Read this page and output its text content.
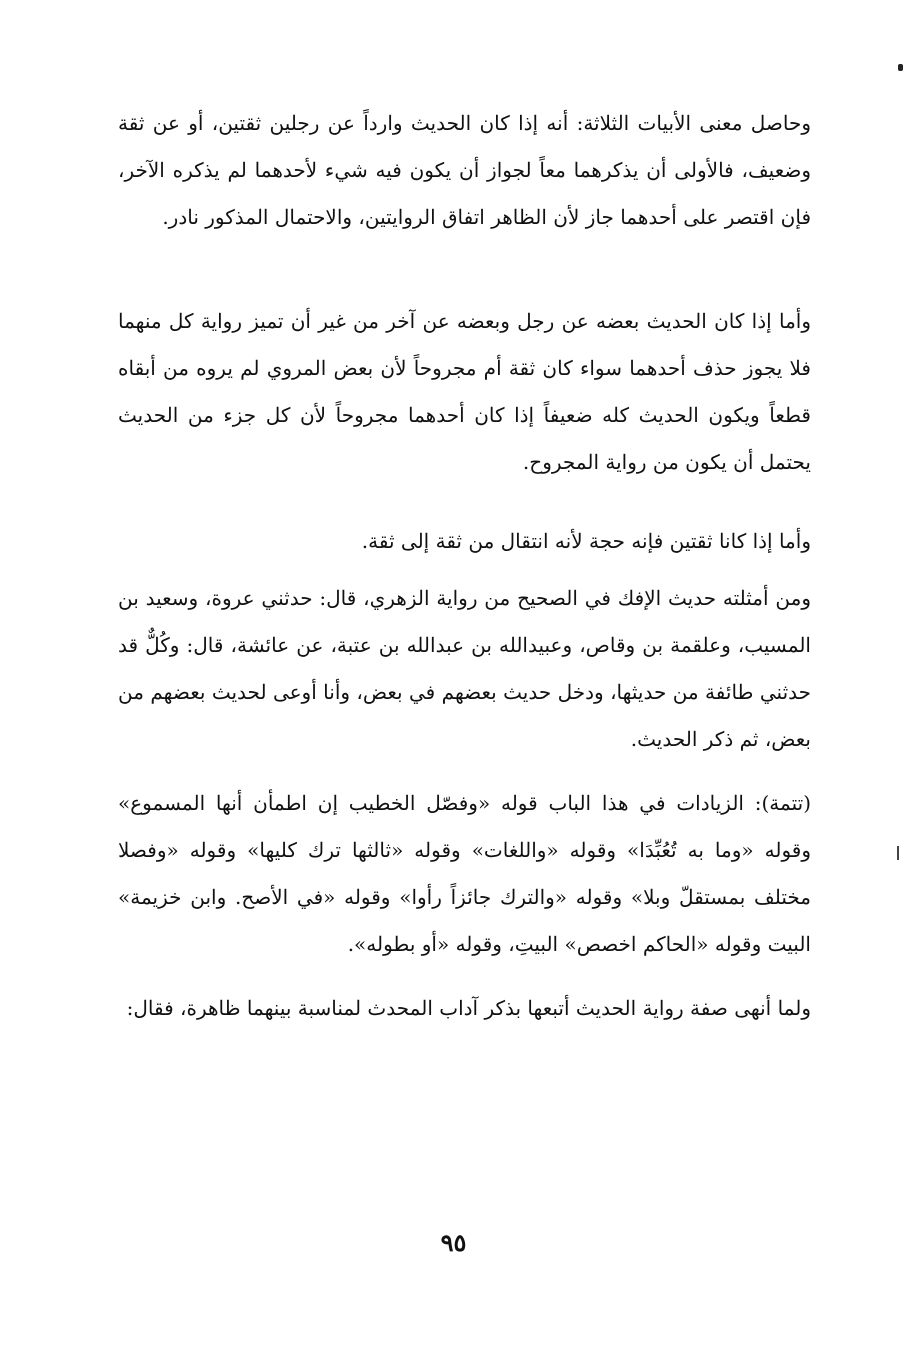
وحاصل معنى الأبيات الثلاثة: أنه إذا كان الحديث وارداً عن رجلين ثقتين، أو عن ثقة وضعيف، فالأولى أن يذكرهما معاً لجواز أن يكون فيه شيء لأحدهما لم يذكره الآخر، فإن اقتصر على أحدهما جاز لأن الظاهر اتفاق الروايتين، والاحتمال المذكور نادر.

وأما إذا كان الحديث بعضه عن رجل وبعضه عن آخر من غير أن تميز رواية كل منهما فلا يجوز حذف أحدهما سواء كان ثقة أم مجروحاً لأن بعض المروي لم يروه من أبقاه قطعاً ويكون الحديث كله ضعيفاً إذا كان أحدهما مجروحاً لأن كل جزء من الحديث يحتمل أن يكون من رواية المجروح.

وأما إذا كانا ثقتين فإنه حجة لأنه انتقال من ثقة إلى ثقة.

ومن أمثلته حديث الإفك في الصحيح من رواية الزهري، قال: حدثني عروة، وسعيد بن المسيب، وعلقمة بن وقاص، وعبيدالله بن عبدالله بن عتبة، عن عائشة، قال: وكُلٌّ قد حدثني طائفة من حديثها، ودخل حديث بعضهم في بعض، وأنا أوعى لحديث بعضهم من بعض، ثم ذكر الحديث.

(تتمة): الزيادات في هذا الباب قوله «وفصّل الخطيب إن اطمأن أنها المسموع» وقوله «وما به تُعُبِّدَا» وقوله «واللغات» وقوله «ثالثها ترك كليها» وقوله «وفصلا مختلف بمستقلّ وبلا» وقوله «والترك جائزاً رأوا» وقوله «في الأصح. وابن خزيمة» البيت وقوله «الحاكم اخصص» البيتِ، وقوله «أو بطوله».

ولما أنهى صفة رواية الحديث أتبعها بذكر آداب المحدث لمناسبة بينهما ظاهرة، فقال:

٩٥
